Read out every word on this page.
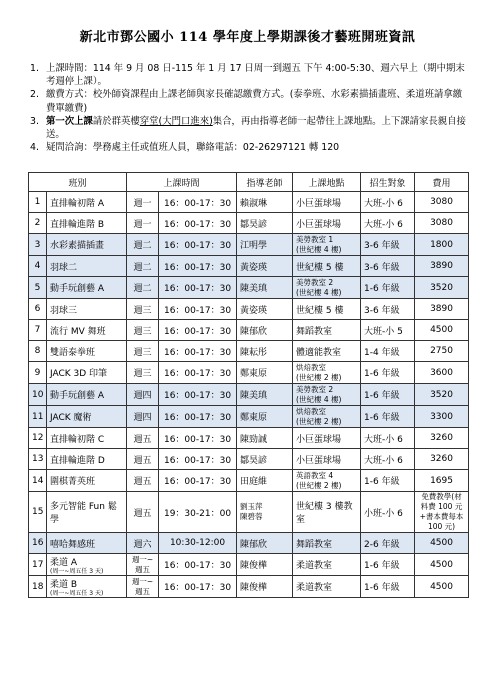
新北市鄧公國小 114 學年度上學期課後才藝班開班資訊
1. 上課時間：114 年 9 月 08 日-115 年 1 月 17 日周一到週五 下午 4:00-5:30、週六早上（期中期末考週停上課）。
2. 繳費方式：校外師資課程由上課老師與家長確認繳費方式。(泰拳班、水彩素描插畫班、柔道班請拿繳費單繳費)
3. 第一次上課請於群英樓穿堂(大門口進來)集合，再由指導老師一起帶往上課地點。上下課請家長親自接送。
4. 疑問洽詢：學務處主任或值班人員，聯絡電話：02-26297121 轉 120
班別		上課時間		指導老師	上課地點	招生對象	費用
1	直排輪初階 A	週一	16：00-17：30	賴淑琳	小巨蛋球場	大班-小 6	3080
2	直排輪進階 B	週一	16：00-17：30	鄒昊諺	小巨蛋球場	大班-小 6	3080
3	水彩素描插畫	週二	16：00-17：30	江明學	美勞教室 1
(世紀樓 4 樓)	3-6 年級	1800
4	羽球二	週二	16：00-17：30	黃姿瑛	世紀樓 5 樓	3-6 年級	3890
5	動手玩創藝 A	週二	16：00-17：30	陳美瑱	美勞教室 2
(世紀樓 4 樓)	1-6 年級	3520
6	羽球三	週三	16：00-17：30	黃姿瑛	世紀樓 5 樓	3-6 年級	3890
7	流行 MV 舞班	週三	16：00-17：30	陳郁欣	舞蹈教室	大班-小 5	4500
8	雙語泰拳班	週三	16：00-17：30	陳耘彤	體適能教室	1-4 年級	2750
9	JACK 3D 印筆	週三	16：00-17：30	鄭東原	烘焙教室
(世紀樓 2 樓)	1-6 年級	3600
10	動手玩創藝 A	週四	16：00-17：30	陳美瑱	美勞教室 2
(世紀樓 4 樓)	1-6 年級	3520
11	JACK 魔術	週四	16：00-17：30	鄭東原	烘焙教室
(世紀樓 2 樓)	1-6 年級	3300
12	直排輪初階 C	週五	16：00-17：30	陳勁誠	小巨蛋球場	大班-小 6	3260
13	直排輪進階 D	週五	16：00-17：30	鄒昊諺	小巨蛋球場	大班-小 6	3260
14	圍棋菁英班	週五	16：00-17：30	田庭維	英語教室 4
(世紀樓 2 樓)	1-6 年級	1695
15	多元智能 Fun 鬆學	週五	19：30-21：00	劉玉萍
陳碧蓉	世紀樓 3 樓教室	小班-小 6	免費教學(材料費 100 元+書本費每本 100 元)
16	嘻哈舞感班	週六	10:30-12:00	陳郁欣	舞蹈教室	2-6 年級	4500
17	柔道 A
(周一~周五任 3 天)	週一~週五	16：00-17：30	陳俊樺	柔道教室	1-6 年級	4500
18	柔道 B
(周一~周五任 3 天)	週一~週五	16：00-17：30	陳俊樺	柔道教室	1-6 年級	4500
